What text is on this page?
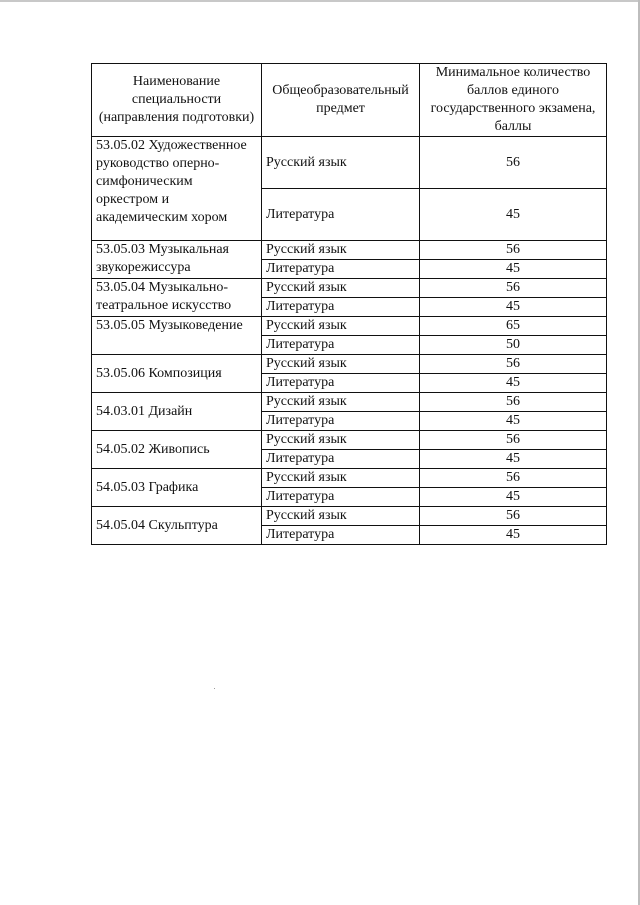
Наименование специальности (направления подготовки)	Общеобразовательный предмет	Минимальное количество баллов единого государственного экзамена, баллы
53.05.02 Художественное руководство оперно-симфоническим оркестром и академическим хором	Русский язык	56
	Литература	45
53.05.03 Музыкальная звукорежиссура	Русский язык	56
	Литература	45
53.05.04 Музыкально-театральное искусство	Русский язык	56
	Литература	45
53.05.05 Музыковедение	Русский язык	65
	Литература	50
53.05.06 Композиция	Русский язык	56
	Литература	45
54.03.01 Дизайн	Русский язык	56
	Литература	45
54.05.02 Живопись	Русский язык	56
	Литература	45
54.05.03 Графика	Русский язык	56
	Литература	45
54.05.04 Скульптура	Русский язык	56
	Литература	45
